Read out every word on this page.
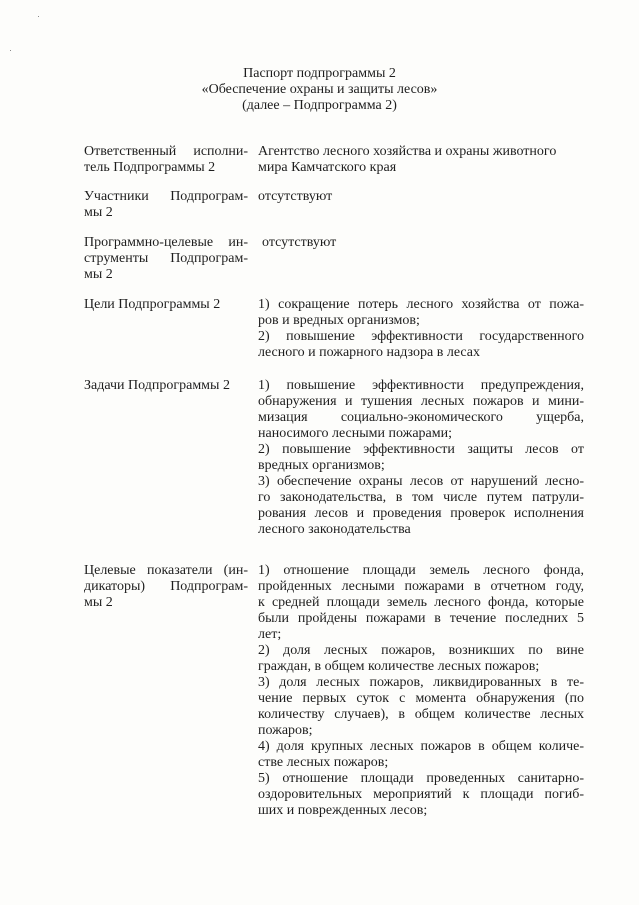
Паспорт подпрограммы 2
«Обеспечение охраны и защиты лесов»
(далее – Подпрограмма 2)
Ответственный исполни-
тель Подпрограммы 2
Агентство лесного хозяйства и охраны животного
мира Камчатского края
Участники Подпрограм-
мы 2
отсутствуют
Программно-целевые ин-
струменты Подпрограм-
мы 2
отсутствуют
Цели Подпрограммы 2	1) сокращение потерь лесного хозяйства от пожа-
ров и вредных организмов;
2) повышение эффективности государственного
лесного и пожарного надзора в лесах
Задачи Подпрограммы 2	1) повышение эффективности предупреждения,
обнаружения и тушения лесных пожаров и мини-
мизация социально-экономического ущерба,
наносимого лесными пожарами;
2) повышение эффективности защиты лесов от
вредных организмов;
3) обеспечение охраны лесов от нарушений лесно-
го законодательства, в том числе путем патрули-
рования лесов и проведения проверок исполнения
лесного законодательства
Целевые показатели (ин-
дикаторы) Подпрограм-
мы 2
1) отношение площади земель лесного фонда,
пройденных лесными пожарами в отчетном году,
к средней площади земель лесного фонда, которые
были пройдены пожарами в течение последних 5
лет;
2) доля лесных пожаров, возникших по вине
граждан, в общем количестве лесных пожаров;
3) доля лесных пожаров, ликвидированных в те-
чение первых суток с момента обнаружения (по
количеству случаев), в общем количестве лесных
пожаров;
4) доля крупных лесных пожаров в общем количе-
стве лесных пожаров;
5) отношение площади проведенных санитарно-
оздоровительных мероприятий к площади погиб-
ших и поврежденных лесов;
